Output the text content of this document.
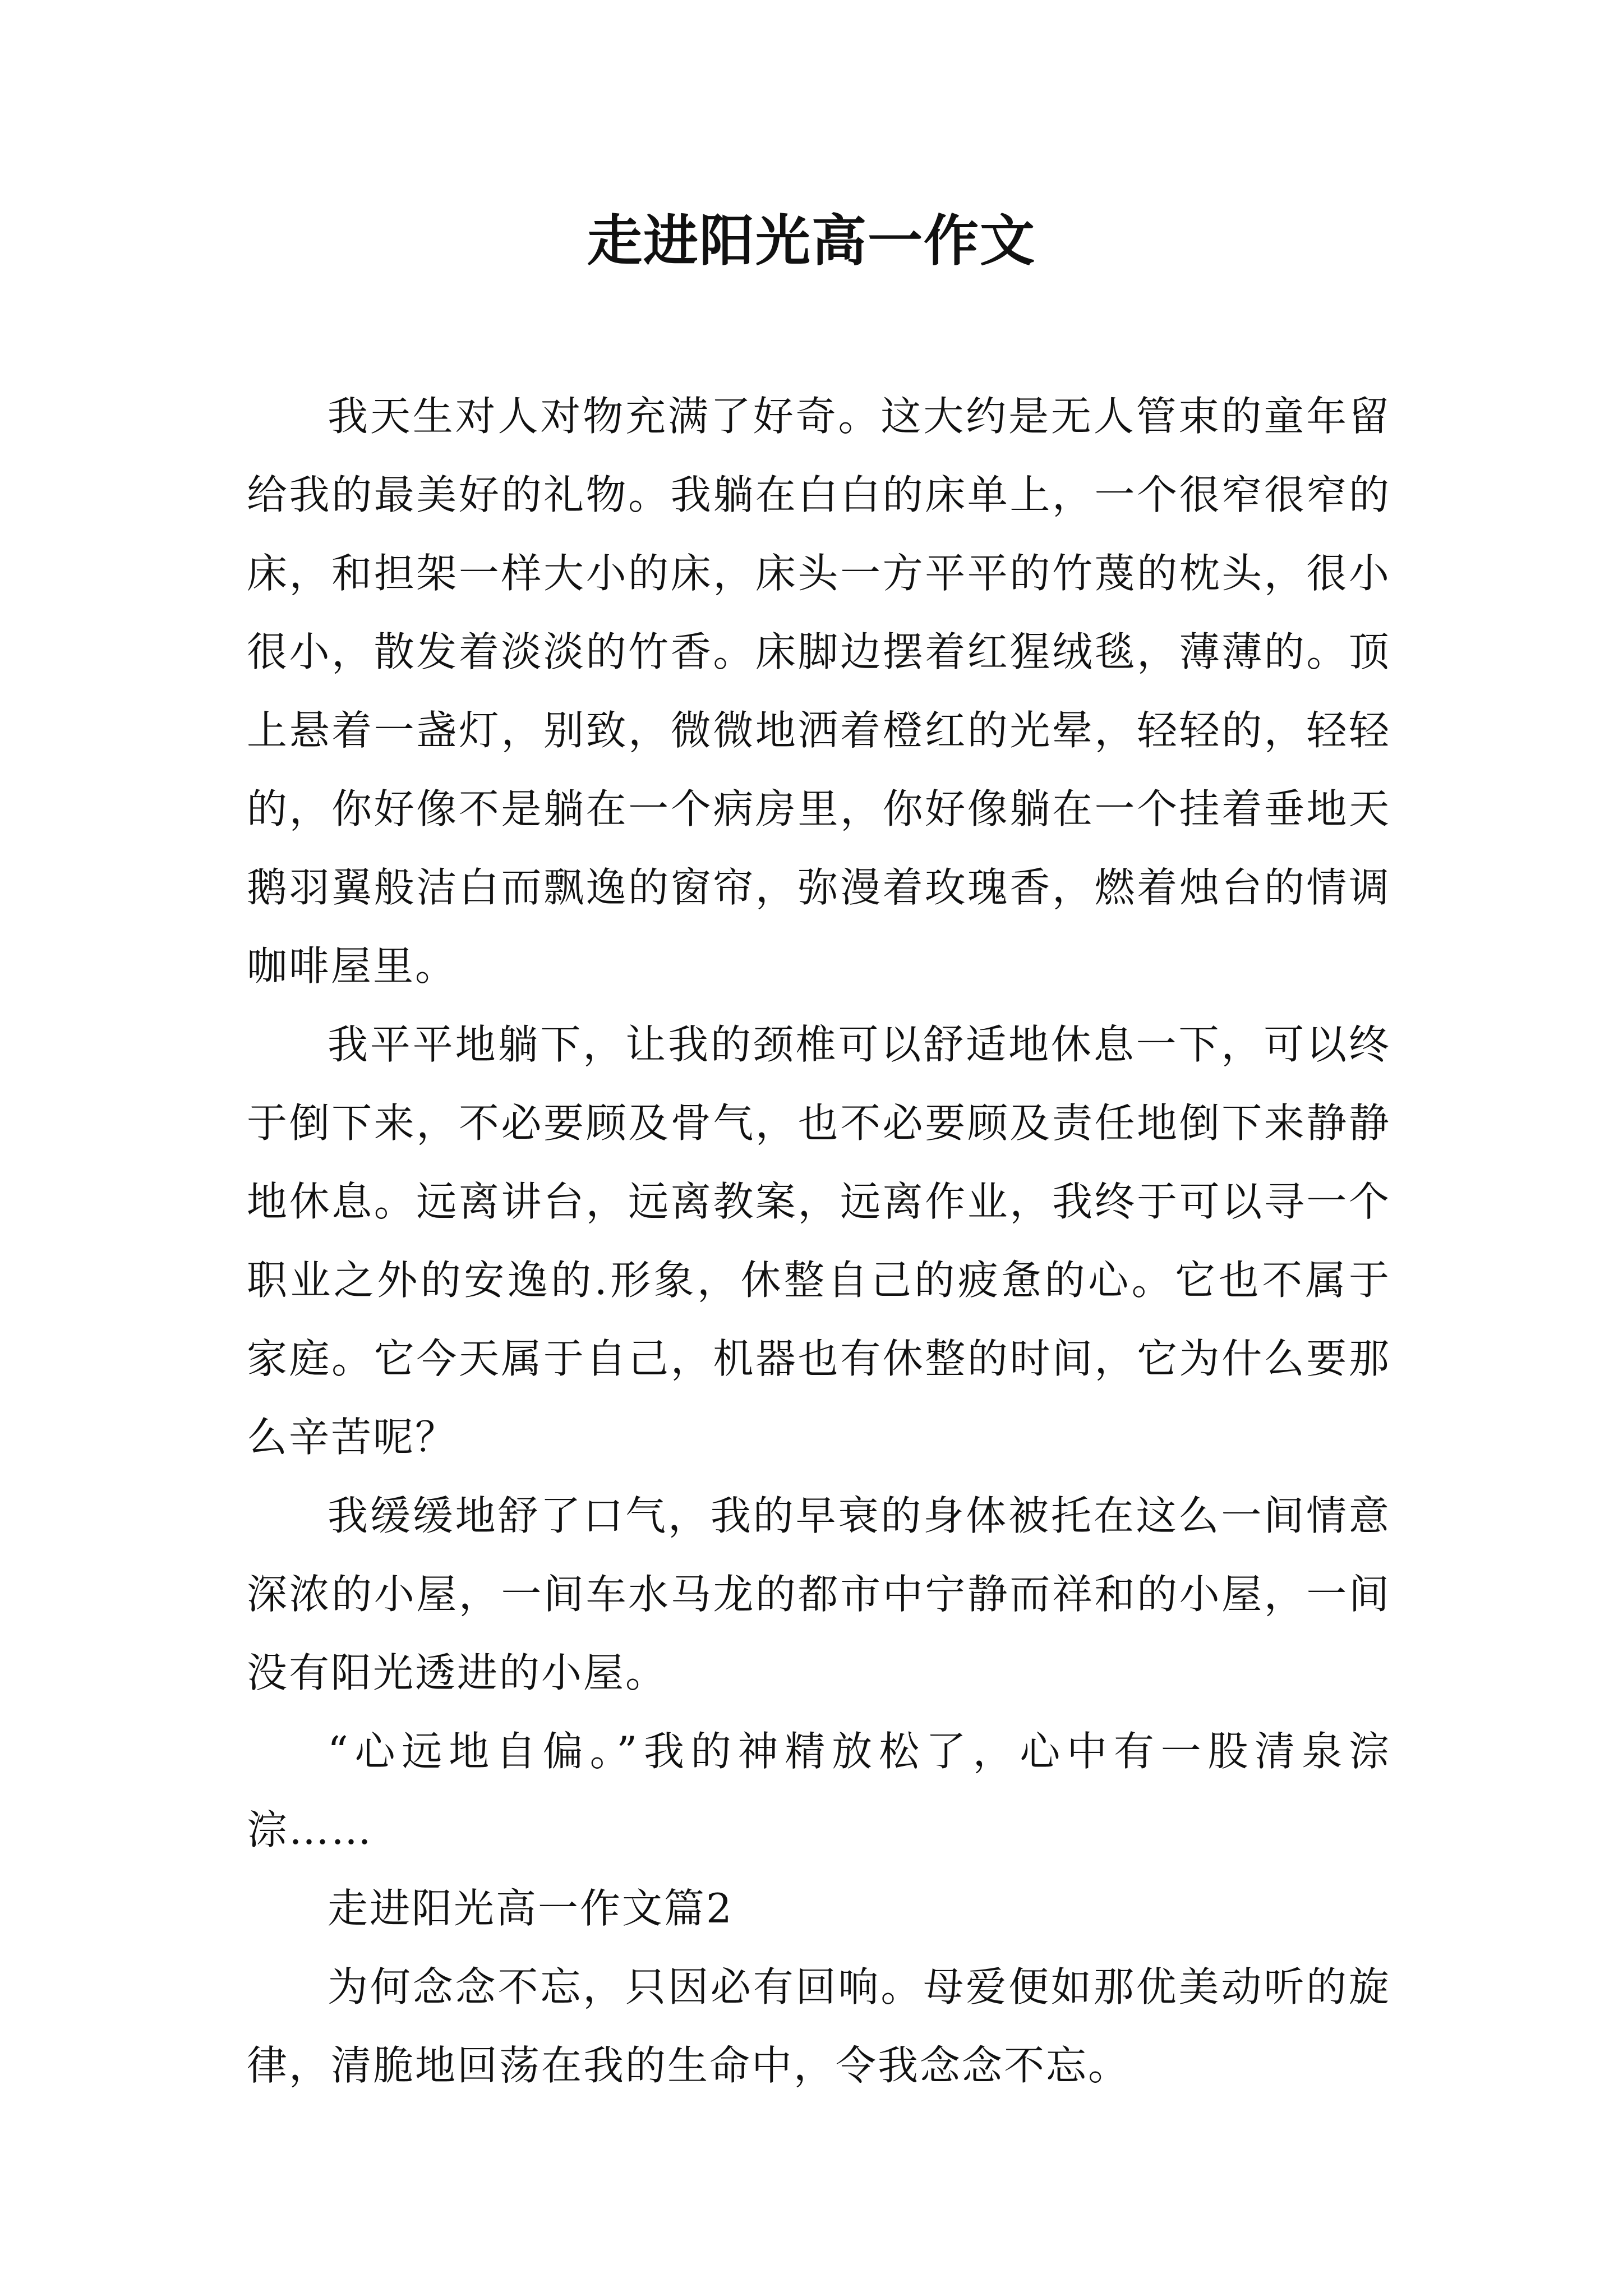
走进阳光高一作文

我天生对人对物充满了好奇。这大约是无人管束的童年留给我的最美好的礼物。我躺在白白的床单上，一个很窄很窄的床，和担架一样大小的床，床头一方平平的竹蔑的枕头，很小很小，散发着淡淡的竹香。床脚边摆着红猩绒毯，薄薄的。顶上悬着一盏灯，别致，微微地洒着橙红的光晕，轻轻的，轻轻的，你好像不是躺在一个病房里，你好像躺在一个挂着垂地天鹅羽翼般洁白而飘逸的窗帘，弥漫着玫瑰香，燃着烛台的情调咖啡屋里。

我平平地躺下，让我的颈椎可以舒适地休息一下，可以终于倒下来，不必要顾及骨气，也不必要顾及责任地倒下来静静地休息。远离讲台，远离教案，远离作业，我终于可以寻一个职业之外的安逸的.形象，休整自己的疲惫的心。它也不属于家庭。它今天属于自己，机器也有休整的时间，它为什么要那么辛苦呢？

我缓缓地舒了口气，我的早衰的身体被托在这么一间情意深浓的小屋，一间车水马龙的都市中宁静而祥和的小屋，一间没有阳光透进的小屋。

“心远地自偏。”我的神精放松了，心中有一股清泉淙淙……

走进阳光高一作文篇2

为何念念不忘，只因必有回响。母爱便如那优美动听的旋律，清脆地回荡在我的生命中，令我念念不忘。
